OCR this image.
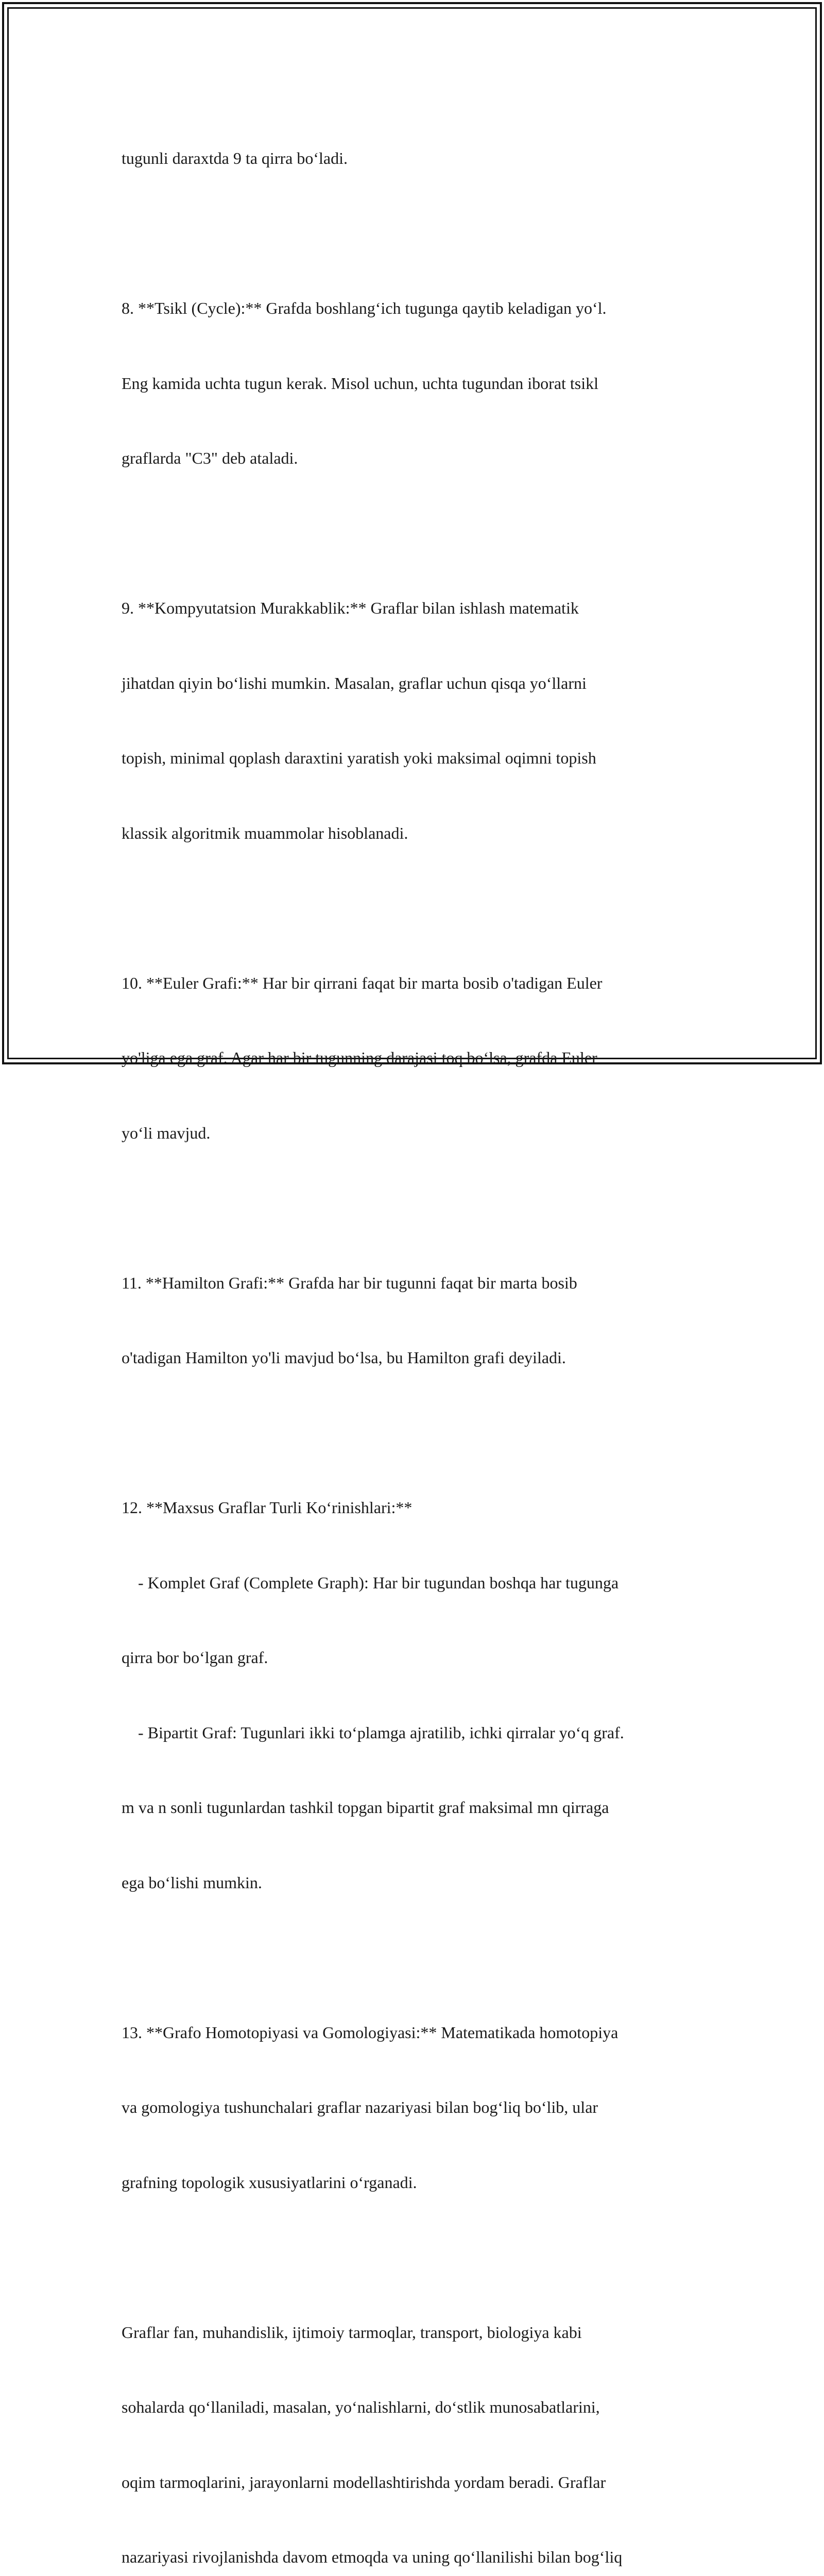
tugunli daraxtda 9 ta qirra bo‘ladi.

8. **Tsikl (Cycle):** Grafda boshlang‘ich tugunga qaytib keladigan yo‘l.

Eng kamida uchta tugun kerak. Misol uchun, uchta tugundan iborat tsikl

graflarda "C3" deb ataladi.

9. **Kompyutatsion Murakkablik:** Graflar bilan ishlash matematik

jihatdan qiyin bo‘lishi mumkin. Masalan, graflar uchun qisqa yo‘llarni

topish, minimal qoplash daraxtini yaratish yoki maksimal oqimni topish

klassik algoritmik muammolar hisoblanadi.

10. **Euler Grafi:** Har bir qirrani faqat bir marta bosib o'tadigan Euler

yo'liga ega graf. Agar har bir tugunning darajasi toq bo‘lsa, grafda Euler

yo‘li mavjud.

11. **Hamilton Grafi:** Grafda har bir tugunni faqat bir marta bosib

o'tadigan Hamilton yo'li mavjud bo‘lsa, bu Hamilton grafi deyiladi.

12. **Maxsus Graflar Turli Ko‘rinishlari:**

- Komplet Graf (Complete Graph): Har bir tugundan boshqa har tugunga

qirra bor bo‘lgan graf.

- Bipartit Graf: Tugunlari ikki to‘plamga ajratilib, ichki qirralar yo‘q graf.

m va n sonli tugunlardan tashkil topgan bipartit graf maksimal mn qirraga

ega bo‘lishi mumkin.

13. **Grafo Homotopiyasi va Gomologiyasi:** Matematikada homotopiya

va gomologiya tushunchalari graflar nazariyasi bilan bog‘liq bo‘lib, ular

grafning topologik xususiyatlarini o‘rganadi.

Graflar fan, muhandislik, ijtimoiy tarmoqlar, transport, biologiya kabi

sohalarda qo‘llaniladi, masalan, yo‘nalishlarni, do‘stlik munosabatlarini,

oqim tarmoqlarini, jarayonlarni modellashtirishda yordam beradi. Graflar

nazariyasi rivojlanishda davom etmoqda va uning qo‘llanilishi bilan bog‘liq
